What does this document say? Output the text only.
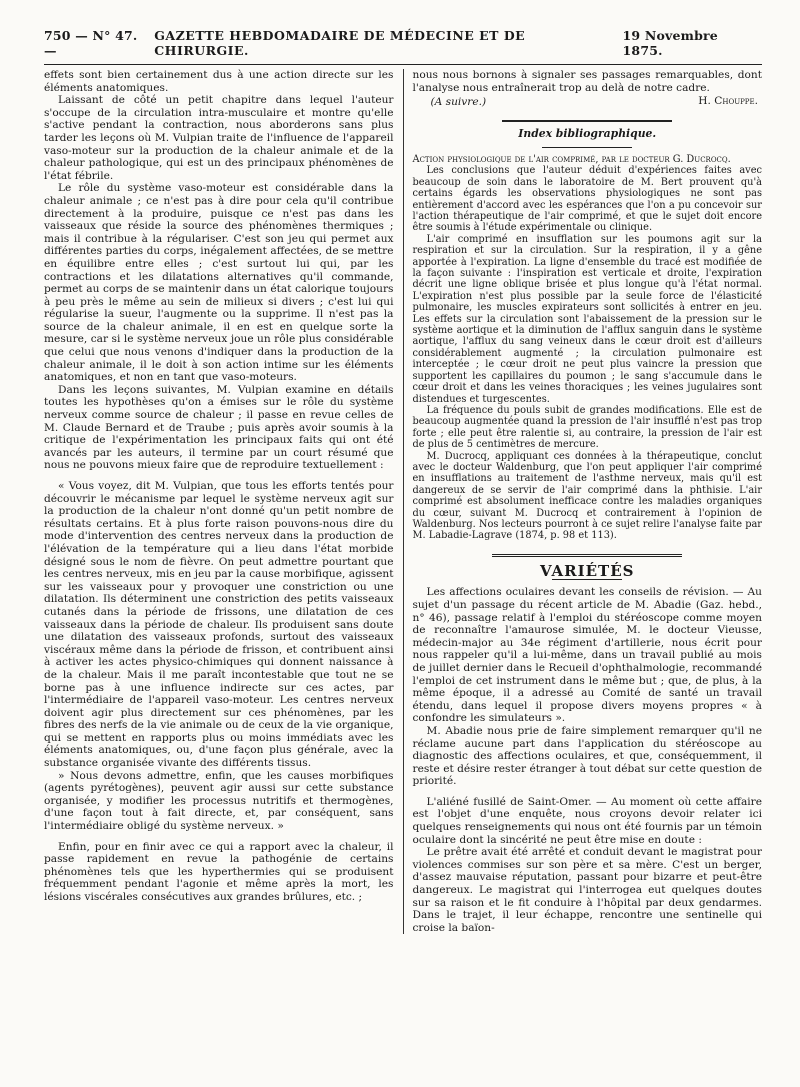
750 — N° 47. —
GAZETTE HEBDOMADAIRE DE MÉDECINE ET DE CHIRURGIE.
19 Novembre 1875.

effets sont bien certainement dus à une action directe sur les éléments anatomiques.

Laissant de côté un petit chapitre dans lequel l'auteur s'occupe de la circulation intra-musculaire et montre qu'elle s'active pendant la contraction, nous aborderons sans plus tarder les leçons où M. Vulpian traite de l'influence de l'appareil vaso-moteur sur la production de la chaleur animale et de la chaleur pathologique, qui est un des principaux phénomènes de l'état fébrile.

Le rôle du système vaso-moteur est considérable dans la chaleur animale ; ce n'est pas à dire pour cela qu'il contribue directement à la produire, puisque ce n'est pas dans les vaisseaux que réside la source des phénomènes thermiques ; mais il contribue à la régulariser. C'est son jeu qui permet aux différentes parties du corps, inégalement affectées, de se mettre en équilibre entre elles ; c'est surtout lui qui, par les contractions et les dilatations alternatives qu'il commande, permet au corps de se maintenir dans un état calorique toujours à peu près le même au sein de milieux si divers ; c'est lui qui régularise la sueur, l'augmente ou la supprime. Il n'est pas la source de la chaleur animale, il en est en quelque sorte la mesure, car si le système nerveux joue un rôle plus considérable que celui que nous venons d'indiquer dans la production de la chaleur animale, il le doit à son action intime sur les éléments anatomiques, et non en tant que vaso-moteurs.

Dans les leçons suivantes, M. Vulpian examine en détails toutes les hypothèses qu'on a émises sur le rôle du système nerveux comme source de chaleur ; il passe en revue celles de M. Claude Bernard et de Traube ; puis après avoir soumis à la critique de l'expérimentation les principaux faits qui ont été avancés par les auteurs, il termine par un court résumé que nous ne pouvons mieux faire que de reproduire textuellement :

« Vous voyez, dit M. Vulpian, que tous les efforts tentés pour découvrir le mécanisme par lequel le système nerveux agit sur la production de la chaleur n'ont donné qu'un petit nombre de résultats certains. Et à plus forte raison pouvons-nous dire du mode d'intervention des centres nerveux dans la production de l'élévation de la température qui a lieu dans l'état morbide désigné sous le nom de fièvre. On peut admettre pourtant que les centres nerveux, mis en jeu par la cause morbifique, agissent sur les vaisseaux pour y provoquer une constriction ou une dilatation. Ils déterminent une constriction des petits vaisseaux cutanés dans la période de frissons, une dilatation de ces vaisseaux dans la période de chaleur. Ils produisent sans doute une dilatation des vaisseaux profonds, surtout des vaisseaux viscéraux même dans la période de frisson, et contribuent ainsi à activer les actes physico-chimiques qui donnent naissance à de la chaleur. Mais il me paraît incontestable que tout ne se borne pas à une influence indirecte sur ces actes, par l'intermédiaire de l'appareil vaso-moteur. Les centres nerveux doivent agir plus directement sur ces phénomènes, par les fibres des nerfs de la vie animale ou de ceux de la vie organique, qui se mettent en rapports plus ou moins immédiats avec les éléments anatomiques, ou, d'une façon plus générale, avec la substance organisée vivante des différents tissus.

» Nous devons admettre, enfin, que les causes morbifiques (agents pyrétogènes), peuvent agir aussi sur cette substance organisée, y modifier les processus nutritifs et thermogènes, d'une façon tout à fait directe, et, par conséquent, sans l'intermédiaire obligé du système nerveux. »

Enfin, pour en finir avec ce qui a rapport avec la chaleur, il passe rapidement en revue la pathogénie de certains phénomènes tels que les hyperthermies qui se produisent fréquemment pendant l'agonie et même après la mort, les lésions viscérales consécutives aux grandes brûlures, etc. ;

nous nous bornons à signaler ses passages remarquables, dont l'analyse nous entraînerait trop au delà de notre cadre.

H. Chouppe.
(A suivre.)
Index bibliographique.

Action physiologique de l'air comprimé, par le docteur G. Ducrocq.

Les conclusions que l'auteur déduit d'expériences faites avec beaucoup de soin dans le laboratoire de M. Bert prouvent qu'à certains égards les observations physiologiques ne sont pas entièrement d'accord avec les espérances que l'on a pu concevoir sur l'action thérapeutique de l'air comprimé, et que le sujet doit encore être soumis à l'étude expérimentale ou clinique.

L'air comprimé en insufflation sur les poumons agit sur la respiration et sur la circulation. Sur la respiration, il y a gêne apportée à l'expiration. La ligne d'ensemble du tracé est modifiée de la façon suivante : l'inspiration est verticale et droite, l'expiration décrit une ligne oblique brisée et plus longue qu'à l'état normal. L'expiration n'est plus possible par la seule force de l'élasticité pulmonaire, les muscles expirateurs sont sollicités à entrer en jeu. Les effets sur la circulation sont l'abaissement de la pression sur le système aortique et la diminution de l'afflux sanguin dans le système aortique, l'afflux du sang veineux dans le cœur droit est d'ailleurs considérablement augmenté ; la circulation pulmonaire est interceptée ; le cœur droit ne peut plus vaincre la pression que supportent les capillaires du poumon ; le sang s'accumule dans le cœur droit et dans les veines thoraciques ; les veines jugulaires sont distendues et turgescentes.

La fréquence du pouls subit de grandes modifications. Elle est de beaucoup augmentée quand la pression de l'air insufflé n'est pas trop forte ; elle peut être ralentie si, au contraire, la pression de l'air est de plus de 5 centimètres de mercure.

M. Ducrocq, appliquant ces données à la thérapeutique, conclut avec le docteur Waldenburg, que l'on peut appliquer l'air comprimé en insufflations au traitement de l'asthme nerveux, mais qu'il est dangereux de se servir de l'air comprimé dans la phthisie. L'air comprimé est absolument inefficace contre les maladies organiques du cœur, suivant M. Ducrocq et contrairement à l'opinion de Waldenburg. Nos lecteurs pourront à ce sujet relire l'analyse faite par M. Labadie-Lagrave (1874, p. 98 et 113).

VARIÉTÉS

Les affections oculaires devant les conseils de révision. — Au sujet d'un passage du récent article de M. Abadie (Gaz. hebd., n° 46), passage relatif à l'emploi du stéréoscope comme moyen de reconnaître l'amaurose simulée, M. le docteur Vieusse, médecin-major au 34e régiment d'artillerie, nous écrit pour nous rappeler qu'il a lui-même, dans un travail publié au mois de juillet dernier dans le Recueil d'ophthalmologie, recommandé l'emploi de cet instrument dans le même but ; que, de plus, à la même époque, il a adressé au Comité de santé un travail étendu, dans lequel il propose divers moyens propres « à confondre les simulateurs ».

M. Abadie nous prie de faire simplement remarquer qu'il ne réclame aucune part dans l'application du stéréoscope au diagnostic des affections oculaires, et que, conséquemment, il reste et désire rester étranger à tout débat sur cette question de priorité.

L'aliéné fusillé de Saint-Omer. — Au moment où cette affaire est l'objet d'une enquête, nous croyons devoir relater ici quelques renseignements qui nous ont été fournis par un témoin oculaire dont la sincérité ne peut être mise en doute :

Le prêtre avait été arrêté et conduit devant le magistrat pour violences commises sur son père et sa mère. C'est un berger, d'assez mauvaise réputation, passant pour bizarre et peut-être dangereux. Le magistrat qui l'interrogea eut quelques doutes sur sa raison et le fit conduire à l'hôpital par deux gendarmes. Dans le trajet, il leur échappe, rencontre une sentinelle qui croise la baïon-
